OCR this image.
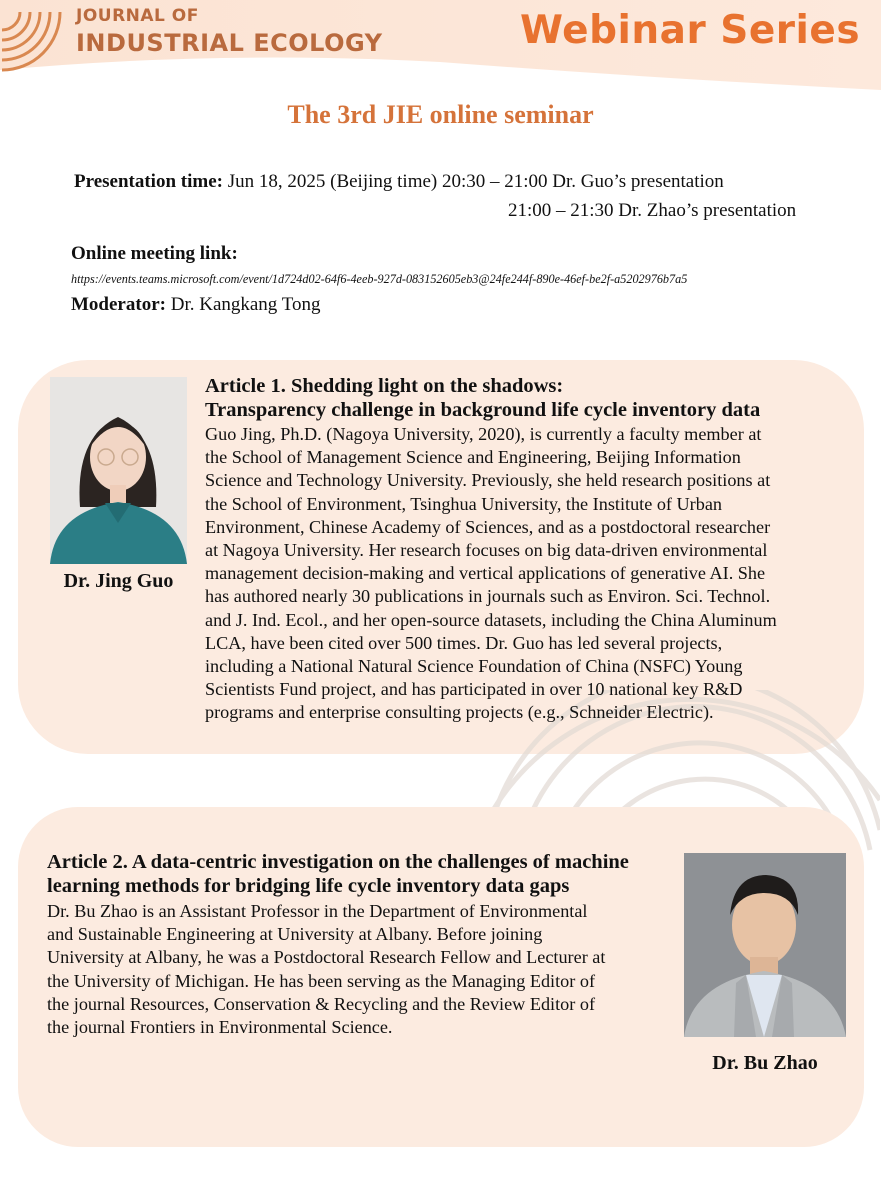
JOURNAL OF
INDUSTRIAL ECOLOGY	Webinar Series
The 3rd JIE online seminar
Presentation time: Jun 18, 2025 (Beijing time) 20:30 – 21:00 Dr. Guo’s presentation
21:00 – 21:30 Dr. Zhao’s presentation
Online meeting link:
https://events.teams.microsoft.com/event/1d724d02-64f6-4eeb-927d-083152605eb3@24fe244f-890e-46ef-be2f-a5202976b7a5
Moderator: Dr. Kangkang Tong
Dr. Jing Guo
Article 1. Shedding light on the shadows:
Transparency challenge in background life cycle inventory data
Guo Jing, Ph.D. (Nagoya University, 2020), is currently a faculty member at
the School of Management Science and Engineering, Beijing Information
Science and Technology University. Previously, she held research positions at
the School of Environment, Tsinghua University, the Institute of Urban
Environment, Chinese Academy of Sciences, and as a postdoctoral researcher
at Nagoya University. Her research focuses on big data-driven environmental
management decision-making and vertical applications of generative AI. She
has authored nearly 30 publications in journals such as Environ. Sci. Technol.
and J. Ind. Ecol., and her open-source datasets, including the China Aluminum
LCA, have been cited over 500 times. Dr. Guo has led several projects,
including a National Natural Science Foundation of China (NSFC) Young
Scientists Fund project, and has participated in over 10 national key R&D
programs and enterprise consulting projects (e.g., Schneider Electric).
Article 2. A data-centric investigation on the challenges of machine
learning methods for bridging life cycle inventory data gaps
Dr. Bu Zhao is an Assistant Professor in the Department of Environmental
and Sustainable Engineering at University at Albany. Before joining
University at Albany, he was a Postdoctoral Research Fellow and Lecturer at
the University of Michigan. He has been serving as the Managing Editor of
the journal Resources, Conservation & Recycling and the Review Editor of
the journal Frontiers in Environmental Science.
Dr. Bu Zhao
